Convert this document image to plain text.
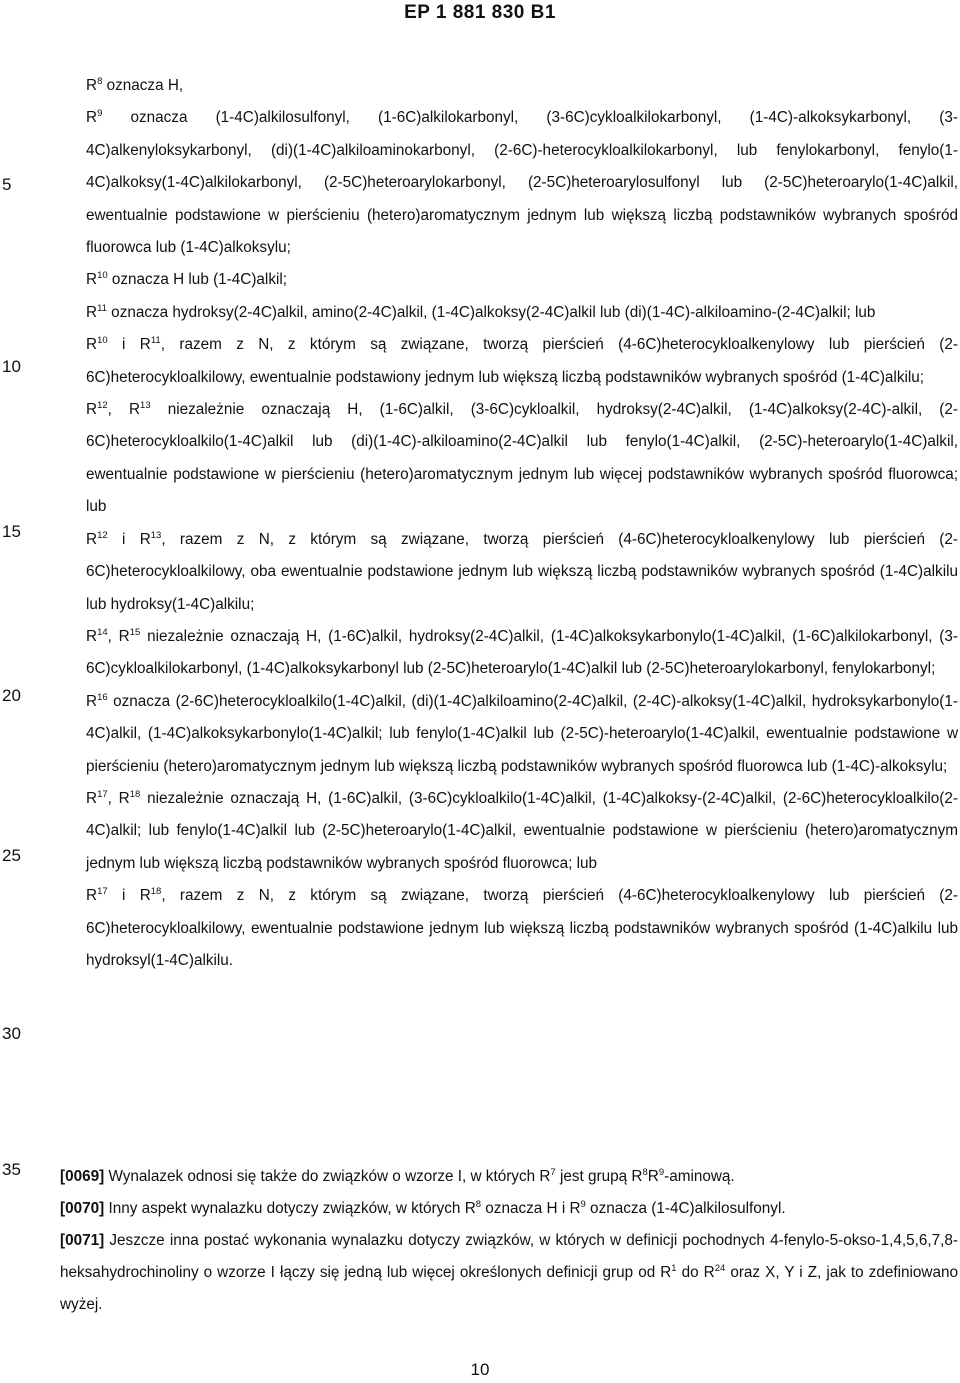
EP 1 881 830 B1
5
10
15
20
25
30
35

$R^8$ oznacza H,

$R^9$ oznacza (1-4C)alkilosulfonyl, (1-6C)alkilokarbonyl, (3-6C)cykloalkilokarbonyl, (1-4C)-alkoksykarbonyl, (3-4C)alkenyloksykarbonyl, (di)(1-4C)alkiloaminokarbonyl, (2-6C)-heterocykloalkilokarbonyl, lub fenylokarbonyl, fenylo(1-4C)alkoksy(1-4C)alkilokarbonyl, (2-5C)heteroarylokarbonyl, (2-5C)heteroarylosulfonyl lub (2-5C)heteroarylo(1-4C)alkil, ewentualnie podstawione w pierścieniu (hetero)aromatycznym jednym lub większą liczbą podstawników wybranych spośród fluorowca lub (1-4C)alkoksylu;

$R^{10}$ oznacza H lub (1-4C)alkil;

$R^{11}$ oznacza hydroksy(2-4C)alkil, amino(2-4C)alkil, (1-4C)alkoksy(2-4C)alkil lub (di)(1-4C)-alkiloamino-(2-4C)alkil; lub

$R^{10}$ i $R^{11}$, razem z N, z którym są związane, tworzą pierścień (4-6C)heterocykloalkenylowy lub pierścień (2-6C)heterocykloalkilowy, ewentualnie podstawiony jednym lub większą liczbą podstawników wybranych spośród (1-4C)alkilu;

$R^{12}$, $R^{13}$ niezależnie oznaczają H, (1-6C)alkil, (3-6C)cykloalkil, hydroksy(2-4C)alkil, (1-4C)alkoksy(2-4C)-alkil, (2-6C)heterocykloalkilo(1-4C)alkil lub (di)(1-4C)-alkiloamino(2-4C)alkil lub fenylo(1-4C)alkil, (2-5C)-heteroarylo(1-4C)alkil, ewentualnie podstawione w pierścieniu (hetero)aromatycznym jednym lub więcej podstawników wybranych spośród fluorowca; lub

$R^{12}$ i $R^{13}$, razem z N, z którym są związane, tworzą pierścień (4-6C)heterocykloalkenylowy lub pierścień (2-6C)heterocykloalkilowy, oba ewentualnie podstawione jednym lub większą liczbą podstawników wybranych spośród (1-4C)alkilu lub hydroksy(1-4C)alkilu;

$R^{14}$, $R^{15}$ niezależnie oznaczają H, (1-6C)alkil, hydroksy(2-4C)alkil, (1-4C)alkoksykarbonylo(1-4C)alkil, (1-6C)alkilokarbonyl, (3-6C)cykloalkilokarbonyl, (1-4C)alkoksykarbonyl lub (2-5C)heteroarylo(1-4C)alkil lub (2-5C)heteroarylokarbonyl, fenylokarbonyl;

$R^{16}$ oznacza (2-6C)heterocykloalkilo(1-4C)alkil, (di)(1-4C)alkiloamino(2-4C)alkil, (2-4C)-alkoksy(1-4C)alkil, hydroksykarbonylo(1-4C)alkil, (1-4C)alkoksykarbonylo(1-4C)alkil; lub fenylo(1-4C)alkil lub (2-5C)-heteroarylo(1-4C)alkil, ewentualnie podstawione w pierścieniu (hetero)aromatycznym jednym lub większą liczbą podstawników wybranych spośród fluorowca lub (1-4C)-alkoksylu;

$R^{17}$, $R^{18}$ niezależnie oznaczają H, (1-6C)alkil, (3-6C)cykloalkilo(1-4C)alkil, (1-4C)alkoksy-(2-4C)alkil, (2-6C)heterocykloalkilo(2-4C)alkil; lub fenylo(1-4C)alkil lub (2-5C)heteroarylo(1-4C)alkil, ewentualnie podstawione w pierścieniu (hetero)aromatycznym jednym lub większą liczbą podstawników wybranych spośród fluorowca; lub

$R^{17}$ i $R^{18}$, razem z N, z którym są związane, tworzą pierścień (4-6C)heterocykloalkenylowy lub pierścień (2-6C)heterocykloalkilowy, ewentualnie podstawione jednym lub większą liczbą podstawników wybranych spośród (1-4C)alkilu lub hydroksyl(1-4C)alkilu.

[0069] Wynalazek odnosi się także do związków o wzorze I, w których $R^7$ jest grupą $R^8R^9$-aminową.

[0070] Inny aspekt wynalazku dotyczy związków, w których $R^8$ oznacza H i $R^9$ oznacza (1-4C)alkilosulfonyl.

[0071] Jeszcze inna postać wykonania wynalazku dotyczy związków, w których w definicji pochodnych 4-fenylo-5-okso-1,4,5,6,7,8-heksahydrochinoliny o wzorze I łączy się jedną lub więcej określonych definicji grup od $R^1$ do $R^{24}$ oraz X, Y i Z, jak to zdefiniowano wyżej.

10
